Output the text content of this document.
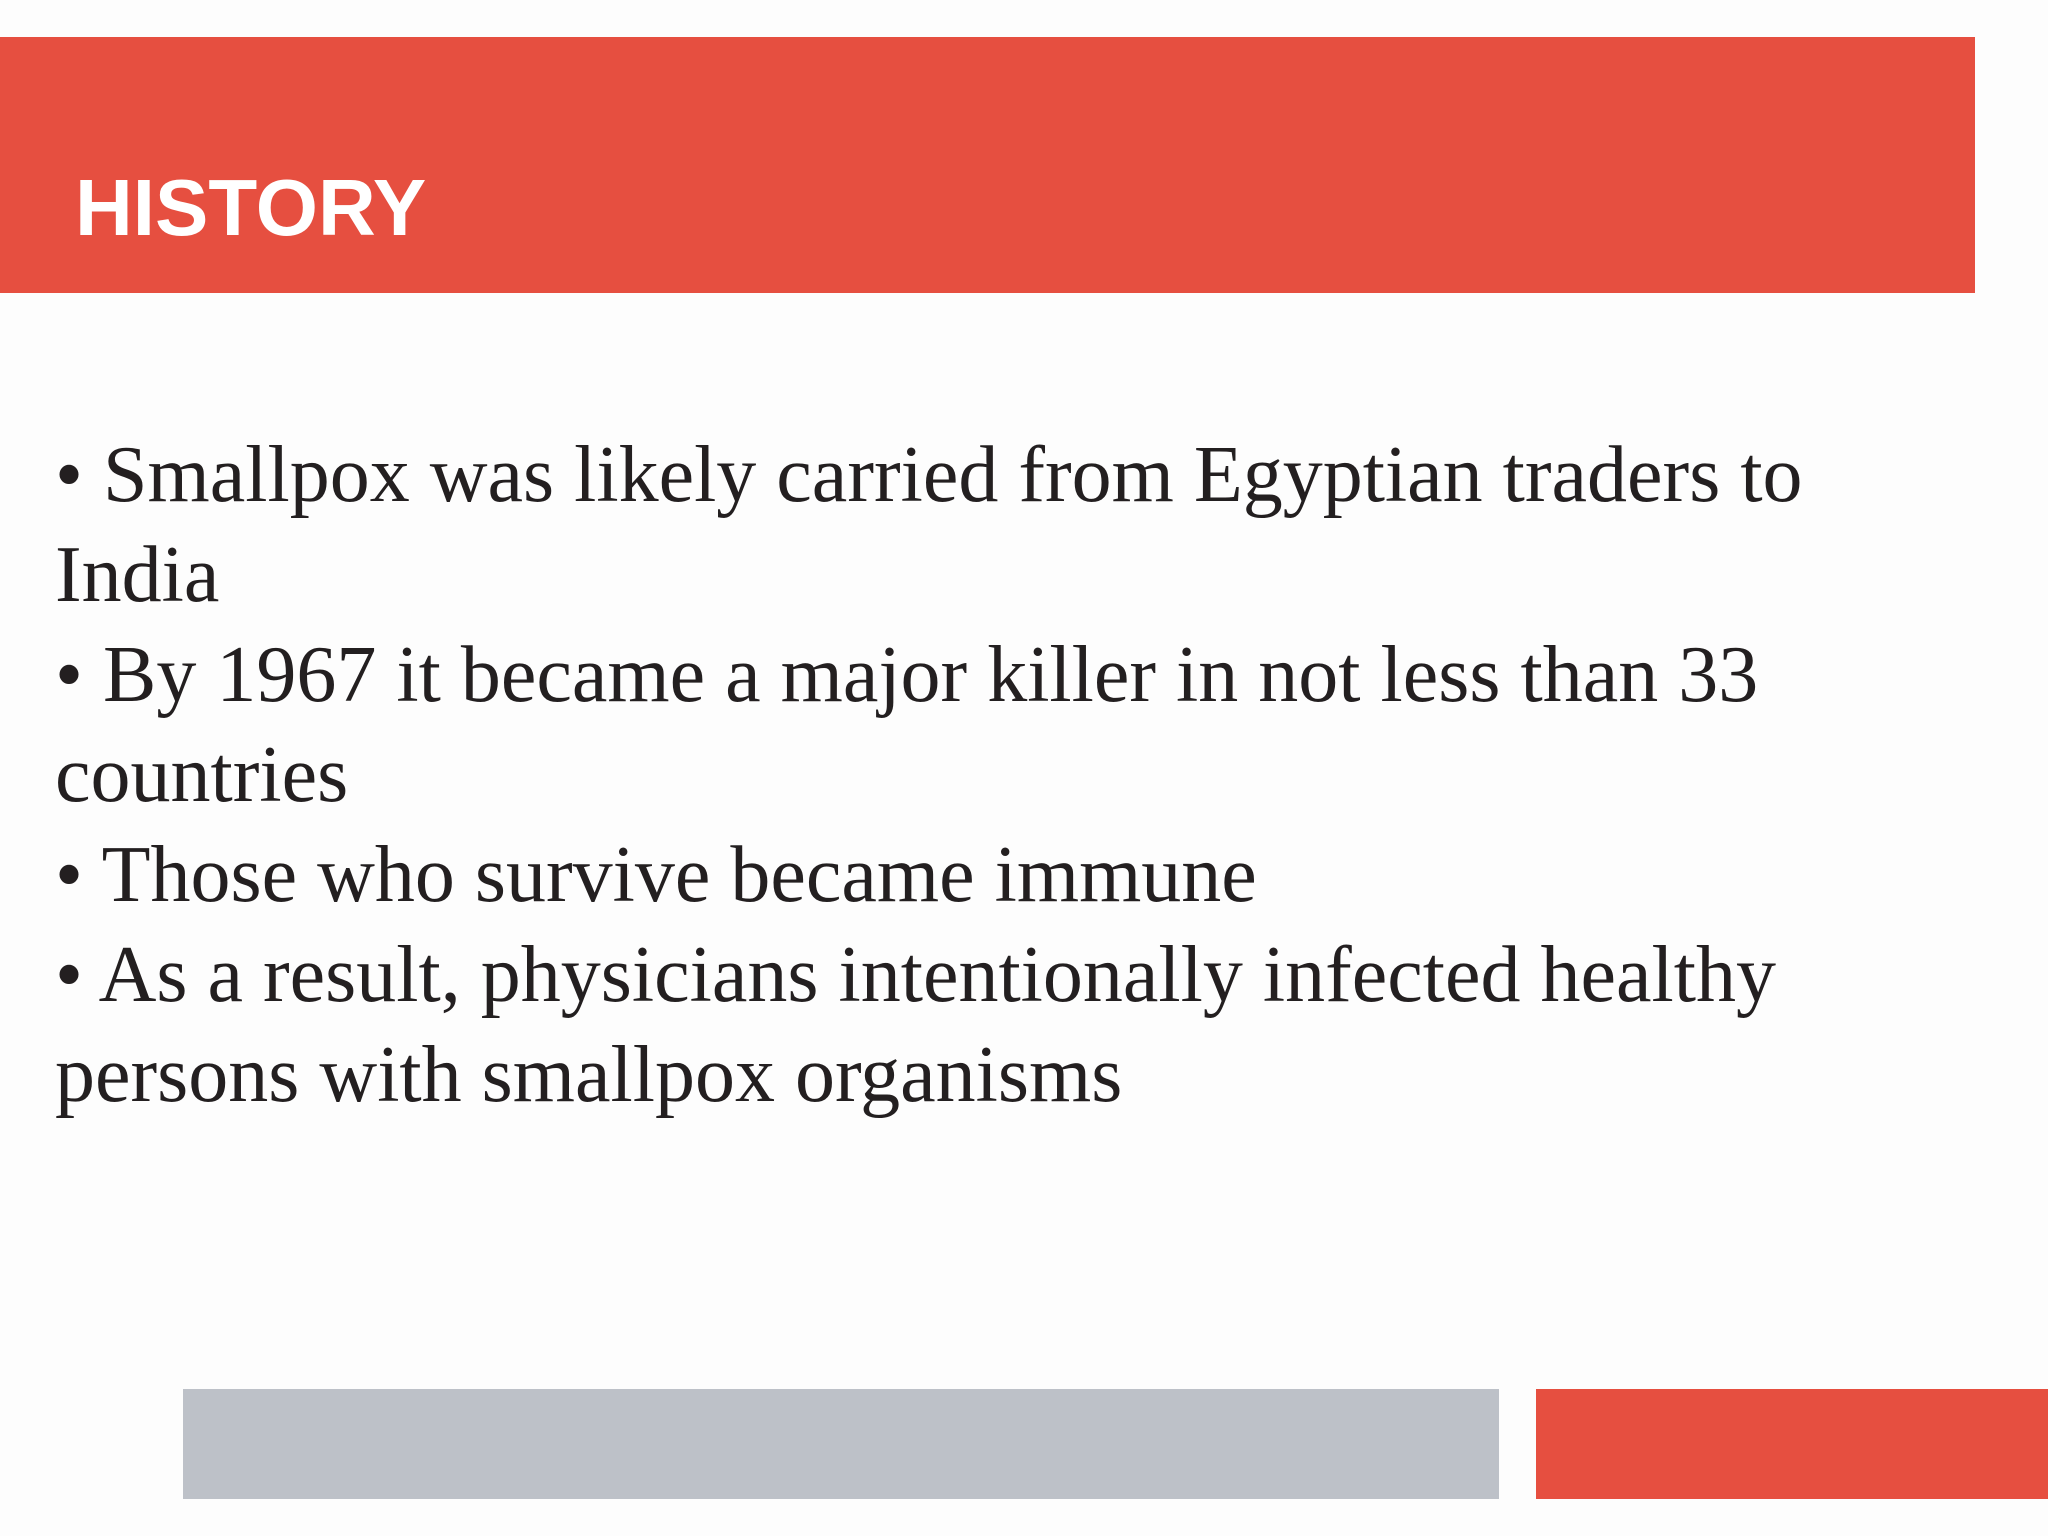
HISTORY
• Smallpox was likely carried from Egyptian traders to India
• By 1967 it became a major killer in not less than 33 countries
• Those who survive became immune
• As a result, physicians intentionally infected healthy persons with smallpox organisms
